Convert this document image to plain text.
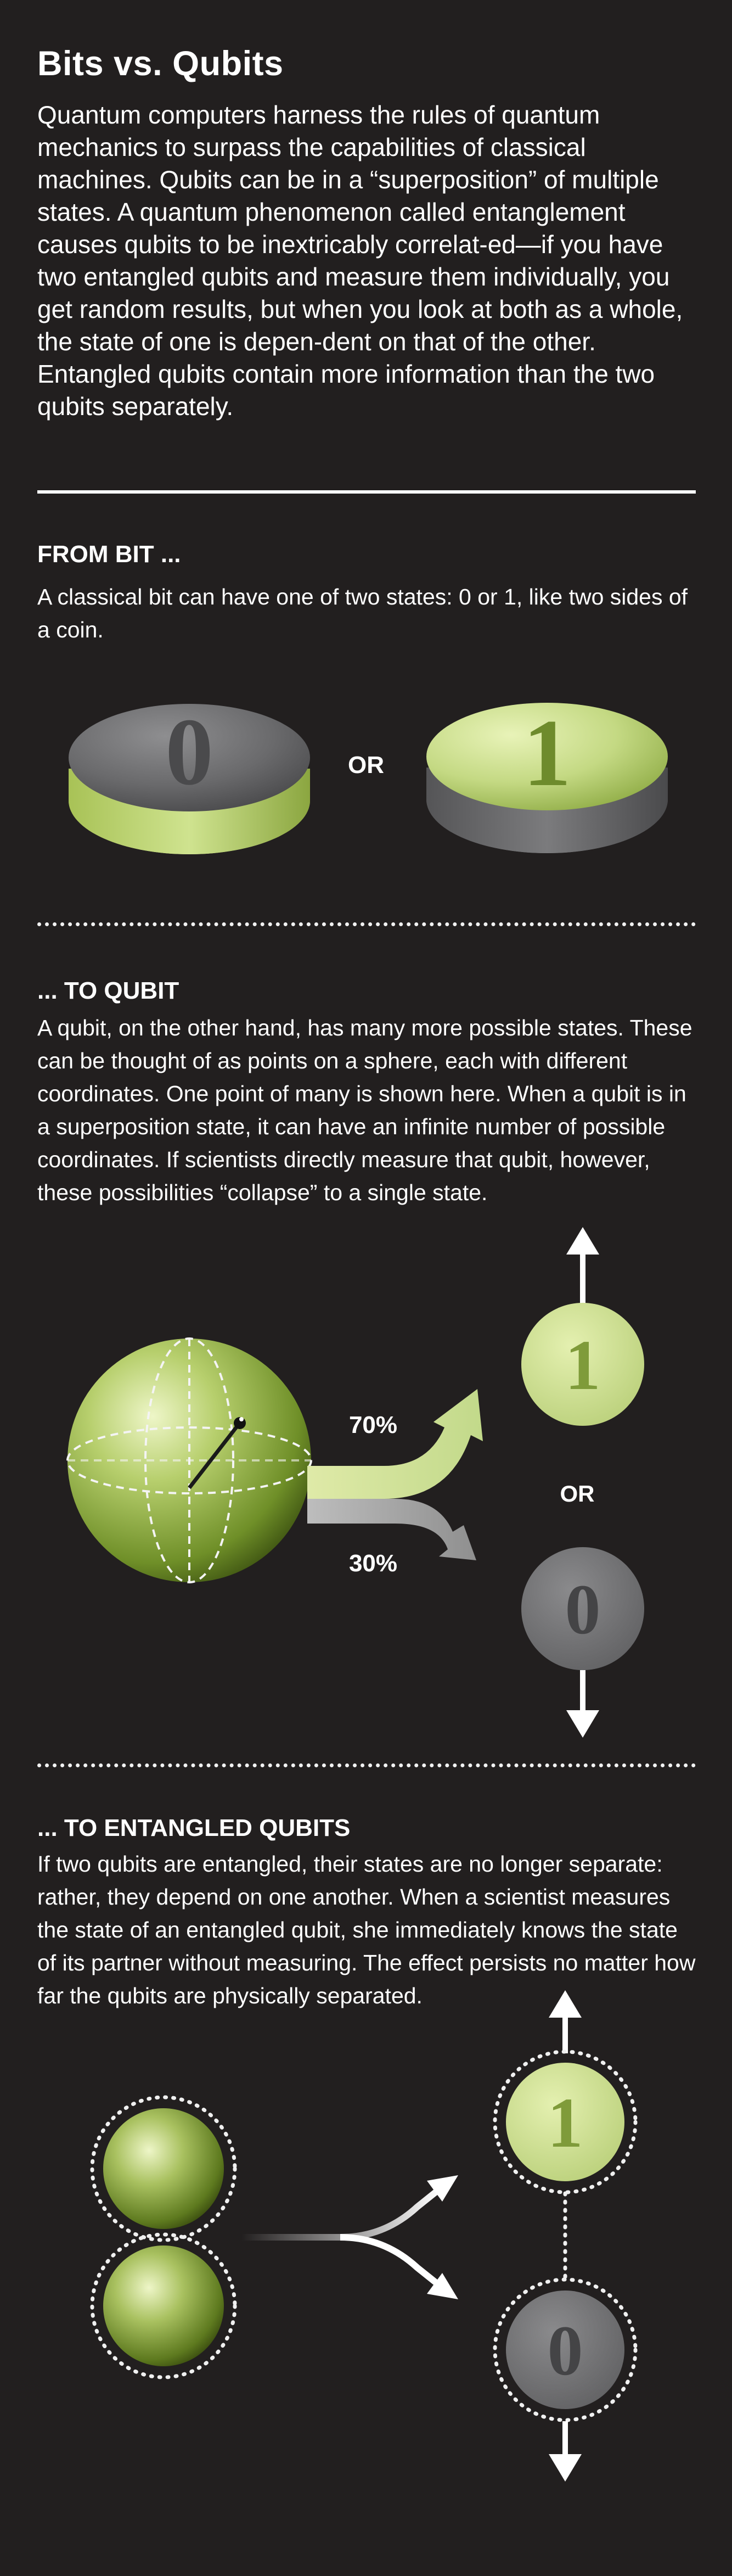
Bits vs. Qubits

Quantum computers harness the rules of quantum mechanics to surpass the capabilities of classical machines. Qubits can be in a “superposition” of multiple states. A quantum phenomenon called entanglement causes qubits to be inextricably correlat-ed—if you have two entangled qubits and measure them individually, you get random results, but when you look at both as a whole, the state of one is depen-dent on that of the other. Entangled qubits contain more information than the two qubits separately.

FROM BIT ...

A classical bit can have one of two states: 0 or 1, like two sides of a coin.

0	OR 1
... TO QUBIT

A qubit, on the other hand, has many more possible states. These can be thought of as points on a sphere, each with different coordinates. One point of many is shown here. When a qubit is in a superposition state, it can have an infinite number of possible coordinates. If scientists directly measure that qubit, however, these possibilities “collapse” to a single state.

70%
30%
1
OR
0
... TO ENTANGLED QUBITS

If two qubits are entangled, their states are no longer separate: rather, they depend on one another. When a scientist measures the state of an entangled qubit, she immediately knows the state of its partner without measuring. The effect persists no matter how far the qubits are physically separated.

1
0
